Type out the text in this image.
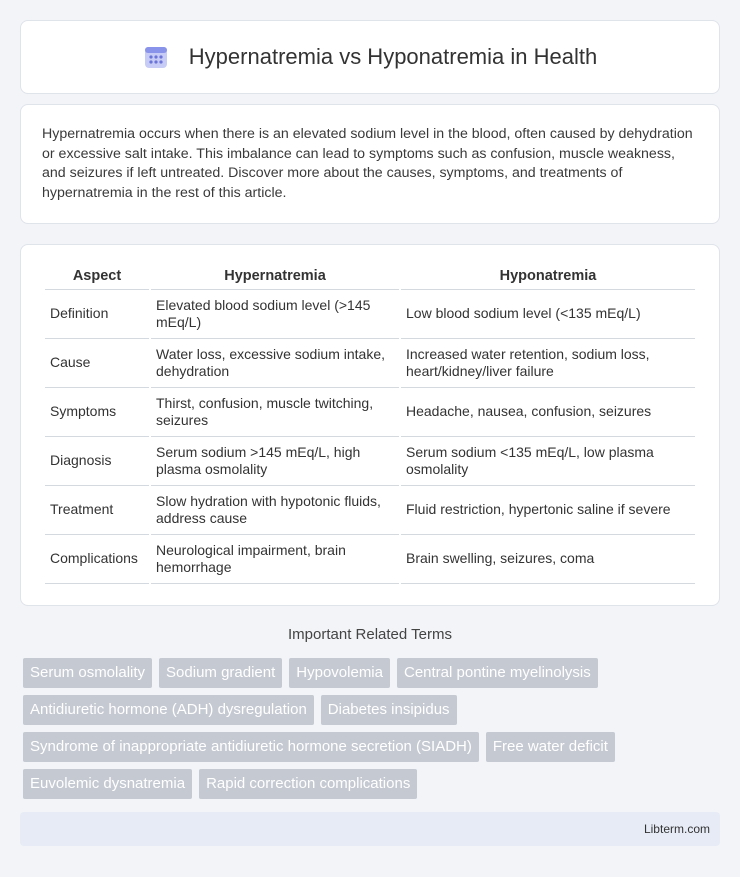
Hypernatremia vs Hyponatremia in Health

Hypernatremia occurs when there is an elevated sodium level in the blood, often caused by dehydration or excessive salt intake. This imbalance can lead to symptoms such as confusion, muscle weakness, and seizures if left untreated. Discover more about the causes, symptoms, and treatments of hypernatremia in the rest of this article.

Aspect	Hypernatremia	Hyponatremia
Definition	Elevated blood sodium level (>145 mEq/L)	Low blood sodium level (<135 mEq/L)
Cause	Water loss, excessive sodium intake, dehydration	Increased water retention, sodium loss, heart/kidney/liver failure
Symptoms	Thirst, confusion, muscle twitching, seizures	Headache, nausea, confusion, seizures
Diagnosis	Serum sodium >145 mEq/L, high plasma osmolality	Serum sodium <135 mEq/L, low plasma osmolality
Treatment	Slow hydration with hypotonic fluids, address cause	Fluid restriction, hypertonic saline if severe
Complications	Neurological impairment, brain hemorrhage	Brain swelling, seizures, coma
Important Related Terms
Serum osmolality	Sodium gradient	Hypovolemia	Central pontine myelinolysis
Antidiuretic hormone (ADH) dysregulation	Diabetes insipidus
Syndrome of inappropriate antidiuretic hormone secretion (SIADH)	Free water deficit
Euvolemic dysnatremia	Rapid correction complications
Libterm.com
